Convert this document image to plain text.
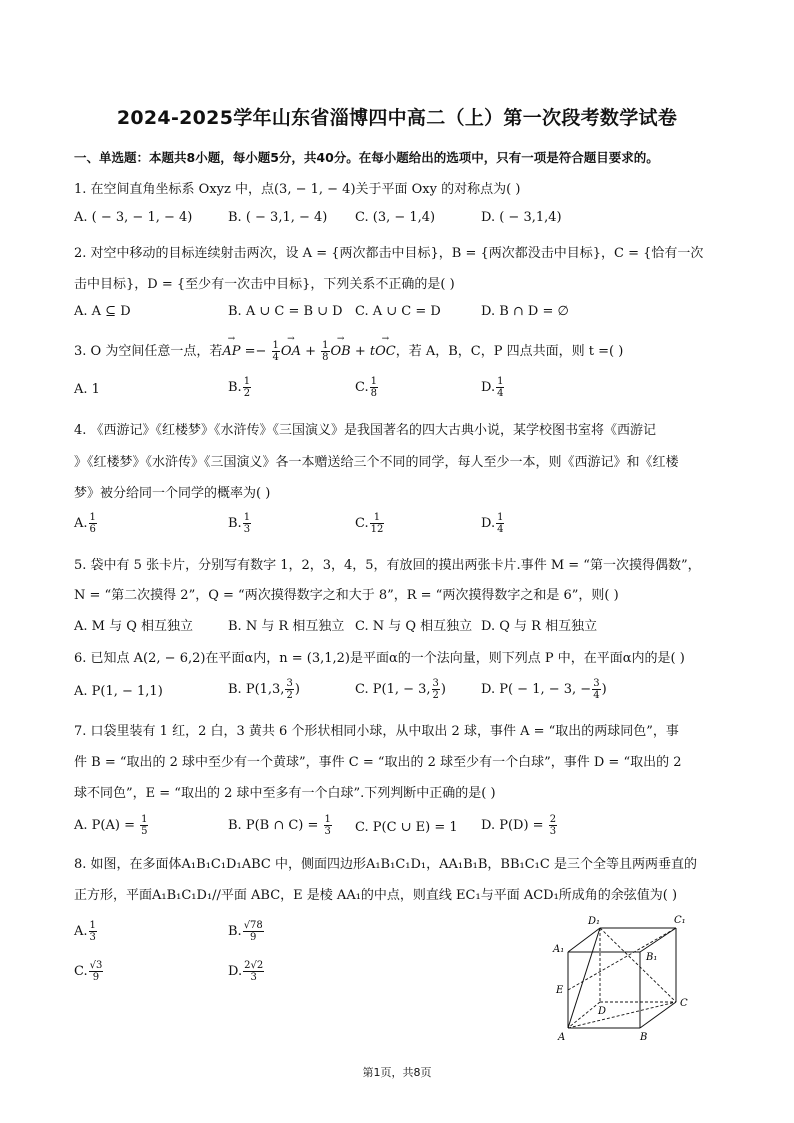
2024-2025学年山东省淄博四中高二（上）第一次段考数学试卷
一、单选题：本题共8小题，每小题5分，共40分。在每小题给出的选项中，只有一项是符合题目要求的。
1. 在空间直角坐标系 Oxyz 中，点(3, − 1, − 4)关于平面 Oxy 的对称点为( )
A. ( − 3, − 1, − 4)	B. ( − 3,1, − 4) C. (3, − 1,4)	D. ( − 3,1,4)
2. 对空中移动的目标连续射击两次，设 A = {两次都击中目标}，B = {两次都没击中目标}，C = {恰有一次
击中目标}，D = {至少有一次击中目标}，下列关系不正确的是( )
A. A ⊆ D	B. A ∪ C = B ∪ D C. A ∪ C = D	D. B ∩ D = ∅
3. O 为空间任意一点，若→ AP =− $\frac{1}{4}$ → OA + $\frac{1}{8}$ → OB + t→ OC，若 A，B，C，P 四点共面，则 t =( )
A. 1	B. $\frac{1}{2}$	C. $\frac{1}{8}$	D. $\frac{1}{4}$
4. 《西游记》《红楼梦》《水浒传》《三国演义》是我国著名的四大古典小说，某学校图书室将《西游记
》《红楼梦》《水浒传》《三国演义》各一本赠送给三个不同的同学，每人至少一本，则《西游记》和《红楼
梦》被分给同一个同学的概率为( )
A. $\frac{1}{6}$	B. $\frac{1}{3}$	C. $\frac{1}{12}$	D. $\frac{1}{4}$
5. 袋中有 5 张卡片，分别写有数字 1，2，3，4，5，有放回的摸出两张卡片.事件 M = “第一次摸得偶数”，
N = “第二次摸得 2”，Q = “两次摸得数字之和大于 8”，R = “两次摸得数字之和是 6”，则( )
A. M 与 Q 相互独立	B. N 与 R 相互独立 C. N 与 Q 相互独立 D. Q 与 R 相互独立
6. 已知点 A(2, − 6,2)在平面α内，n = (3,1,2)是平面α的一个法向量，则下列点 P 中，在平面α内的是( )
A. P(1, − 1,1)	B. P(1,3, $\frac{3}{2}$ )	C. P(1, − 3, $\frac{3}{2}$ )	D. P( − 1, − 3, − $\frac{3}{4}$ )
7. 口袋里装有 1 红，2 白，3 黄共 6 个形状相同小球，从中取出 2 球，事件 A = “取出的两球同色”，事
件 B = “取出的 2 球中至少有一个黄球”，事件 C = “取出的 2 球至少有一个白球”，事件 D = “取出的 2
球不同色”，E = “取出的 2 球中至多有一个白球”.下列判断中正确的是( )
A. $P(A) = \frac{1}{5}$	B. P(B ∩ $C) = \frac{1}{3} C$. P(C ∪ E) = 1 D. $P(D) = \frac{2}{3}$
8. 如图，在多面体A₁B₁C₁D₁ABC 中，侧面四边形A₁B₁C₁D₁，AA₁B₁B，BB₁C₁C 是三个全等且两两垂直的
正方形，平面A₁B₁C₁D₁//平面 ABC，E 是棱 AA₁的中点，则直线 EC₁与平面 ACD₁所成角的余弦值为( )
A. $\frac{1}{3}$	B. $\frac{√78}{9}$
C. $\frac{√3}{9}$	D. $\frac{2√2}{3}$
D₁	C₁
A₁
B₁
E
D
C
A	B
第1页，共8页
